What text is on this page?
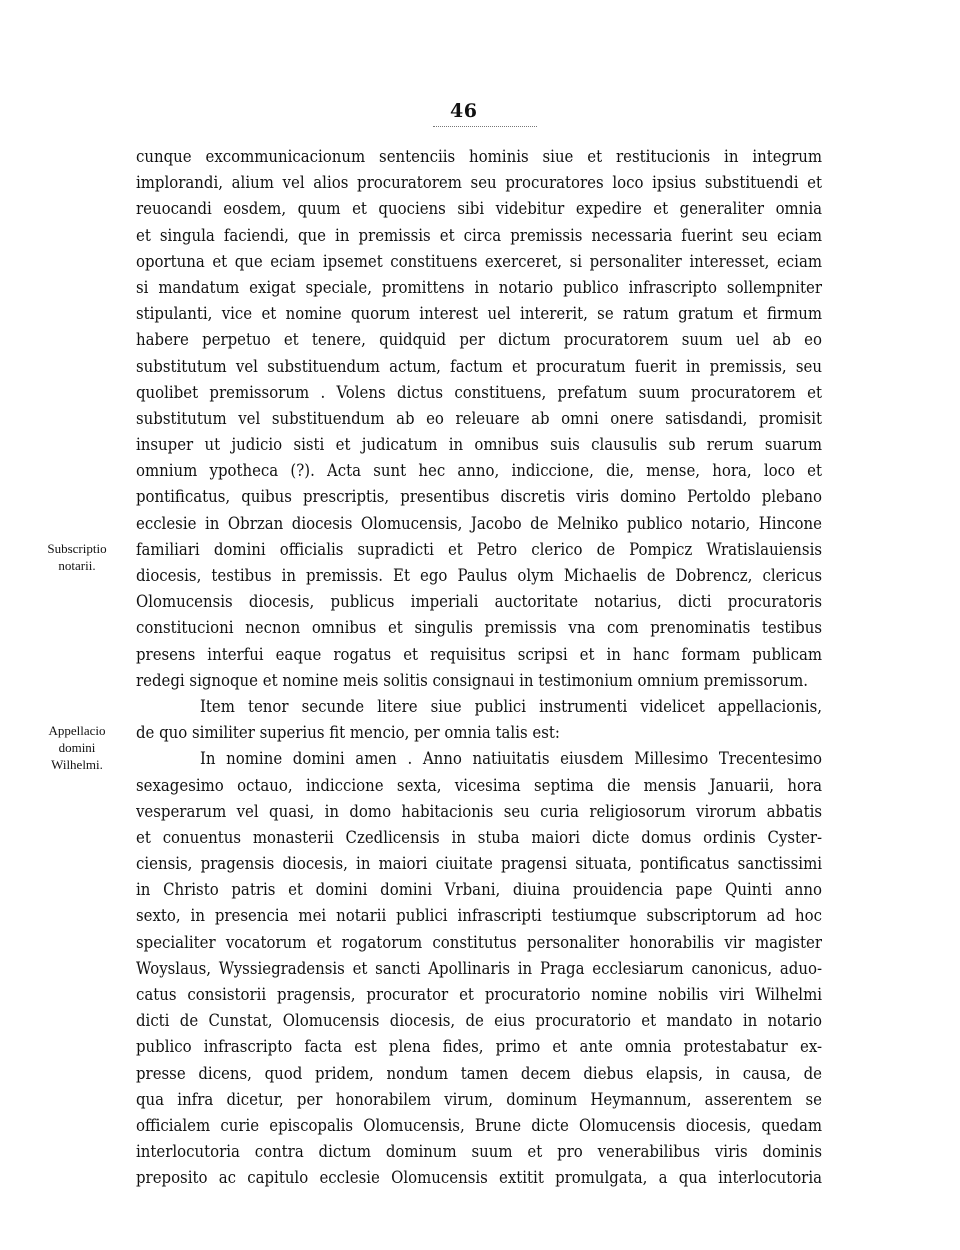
46
cunque excommunicacionum sentenciis hominis siue et restitucionis in integrum
implorandi, alium vel alios procuratorem seu procuratores loco ipsius substituendi et
reuocandi eosdem, quum et quociens sibi videbitur expedire et generaliter omnia
et singula faciendi, que in premissis et circa premissis necessaria fuerint seu eciam
oportuna et que eciam ipsemet constituens exerceret, si personaliter interesset, eciam
si mandatum exigat speciale, promittens in notario publico infrascripto sollempniter
stipulanti, vice et nomine quorum interest uel intererit, se ratum gratum et firmum
habere perpetuo et tenere, quidquid per dictum procuratorem suum uel ab eo
substitutum vel substituendum actum, factum et procuratum fuerit in premissis, seu
quolibet premissorum . Volens dictus constituens, prefatum suum procuratorem et
substitutum vel substituendum ab eo releuare ab omni onere satisdandi, promisit
insuper ut judicio sisti et judicatum in omnibus suis clausulis sub rerum suarum
omnium ypotheca (?). Acta sunt hec anno, indiccione, die, mense, hora, loco et
pontificatus, quibus prescriptis, presentibus discretis viris domino Pertoldo plebano
ecclesie in Obrzan diocesis Olomucensis, Jacobo de Melniko publico notario, Hincone
familiari domini officialis supradicti et Petro clerico de Pompicz Wratislauiensis
diocesis, testibus in premissis. Et ego Paulus olym Michaelis de Dobrencz, clericus
Olomucensis diocesis, publicus imperiali auctoritate notarius, dicti procuratoris
constitucioni necnon omnibus et singulis premissis vna com prenominatis testibus
presens interfui eaque rogatus et requisitus scripsi et in hanc formam publicam
redegi signoque et nomine meis solitis consignaui in testimonium omnium premissorum.
Item tenor secunde litere siue publici instrumenti videlicet appellacionis,
de quo similiter superius fit mencio, per omnia talis est:
In nomine domini amen . Anno natiuitatis eiusdem Millesimo Trecentesimo
sexagesimo octauo, indiccione sexta, vicesima septima die mensis Januarii, hora
vesperarum vel quasi, in domo habitacionis seu curia religiosorum virorum abbatis
et conuentus monasterii Czedlicensis in stuba maiori dicte domus ordinis Cyster-
ciensis, pragensis diocesis, in maiori ciuitate pragensi situata, pontificatus sanctissimi
in Christo patris et domini domini Vrbani, diuina prouidencia pape Quinti anno
sexto, in presencia mei notarii publici infrascripti testiumque subscriptorum ad hoc
specialiter vocatorum et rogatorum constitutus personaliter honorabilis vir magister
Woyslaus, Wyssiegradensis et sancti Apollinaris in Praga ecclesiarum canonicus, aduo-
catus consistorii pragensis, procurator et procuratorio nomine nobilis viri Wilhelmi
dicti de Cunstat, Olomucensis diocesis, de eius procuratorio et mandato in notario
publico infrascripto facta est plena fides, primo et ante omnia protestabatur ex-
presse dicens, quod pridem, nondum tamen decem diebus elapsis, in causa, de
qua infra dicetur, per honorabilem virum, dominum Heymannum, asserentem se
officialem curie episcopalis Olomucensis, Brune dicte Olomucensis diocesis, quedam
interlocutoria contra dictum dominum suum et pro venerabilibus viris dominis
preposito ac capitulo ecclesie Olomucensis extitit promulgata, a qua interlocutoria
Subscriptio
notarii.
Appellacio
domini
Wilhelmi.
